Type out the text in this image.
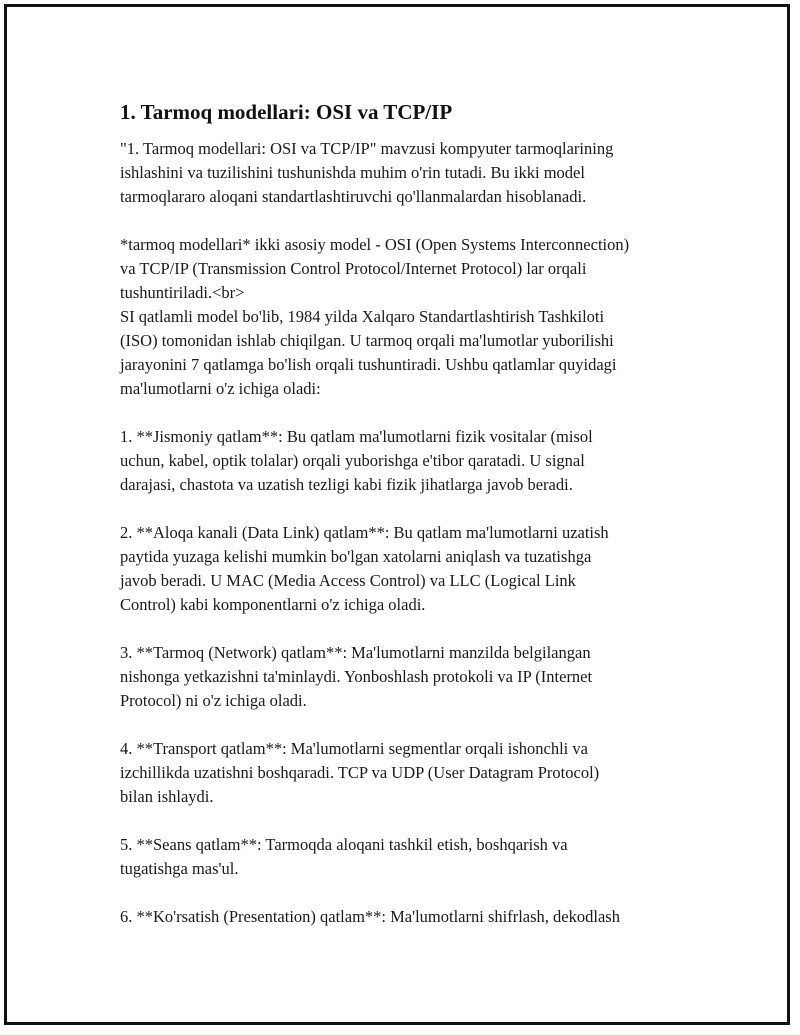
1. Tarmoq modellari: OSI va TCP/IP

"1. Tarmoq modellari: OSI va TCP/IP" mavzusi kompyuter tarmoqlarining
ishlashini va tuzilishini tushunishda muhim o'rin tutadi. Bu ikki model
tarmoqlararo aloqani standartlashtiruvchi qo'llanmalardan hisoblanadi.

*tarmoq modellari* ikki asosiy model - OSI (Open Systems Interconnection)
va TCP/IP (Transmission Control Protocol/Internet Protocol) lar orqali
tushuntiriladi.<br>
SI qatlamli model bo'lib, 1984 yilda Xalqaro Standartlashtirish Tashkiloti
(ISO) tomonidan ishlab chiqilgan. U tarmoq orqali ma'lumotlar yuborilishi
jarayonini 7 qatlamga bo'lish orqali tushuntiradi. Ushbu qatlamlar quyidagi
ma'lumotlarni o'z ichiga oladi:

1. **Jismoniy qatlam**: Bu qatlam ma'lumotlarni fizik vositalar (misol
uchun, kabel, optik tolalar) orqali yuborishga e'tibor qaratadi. U signal
darajasi, chastota va uzatish tezligi kabi fizik jihatlarga javob beradi.

2. **Aloqa kanali (Data Link) qatlam**: Bu qatlam ma'lumotlarni uzatish
paytida yuzaga kelishi mumkin bo'lgan xatolarni aniqlash va tuzatishga
javob beradi. U MAC (Media Access Control) va LLC (Logical Link
Control) kabi komponentlarni o'z ichiga oladi.

3. **Tarmoq (Network) qatlam**: Ma'lumotlarni manzilda belgilangan
nishonga yetkazishni ta'minlaydi. Yonboshlash protokoli va IP (Internet
Protocol) ni o'z ichiga oladi.

4. **Transport qatlam**: Ma'lumotlarni segmentlar orqali ishonchli va
izchillikda uzatishni boshqaradi. TCP va UDP (User Datagram Protocol)
bilan ishlaydi.

5. **Seans qatlam**: Tarmoqda aloqani tashkil etish, boshqarish va
tugatishga mas'ul.

6. **Ko'rsatish (Presentation) qatlam**: Ma'lumotlarni shifrlash, dekodlash
